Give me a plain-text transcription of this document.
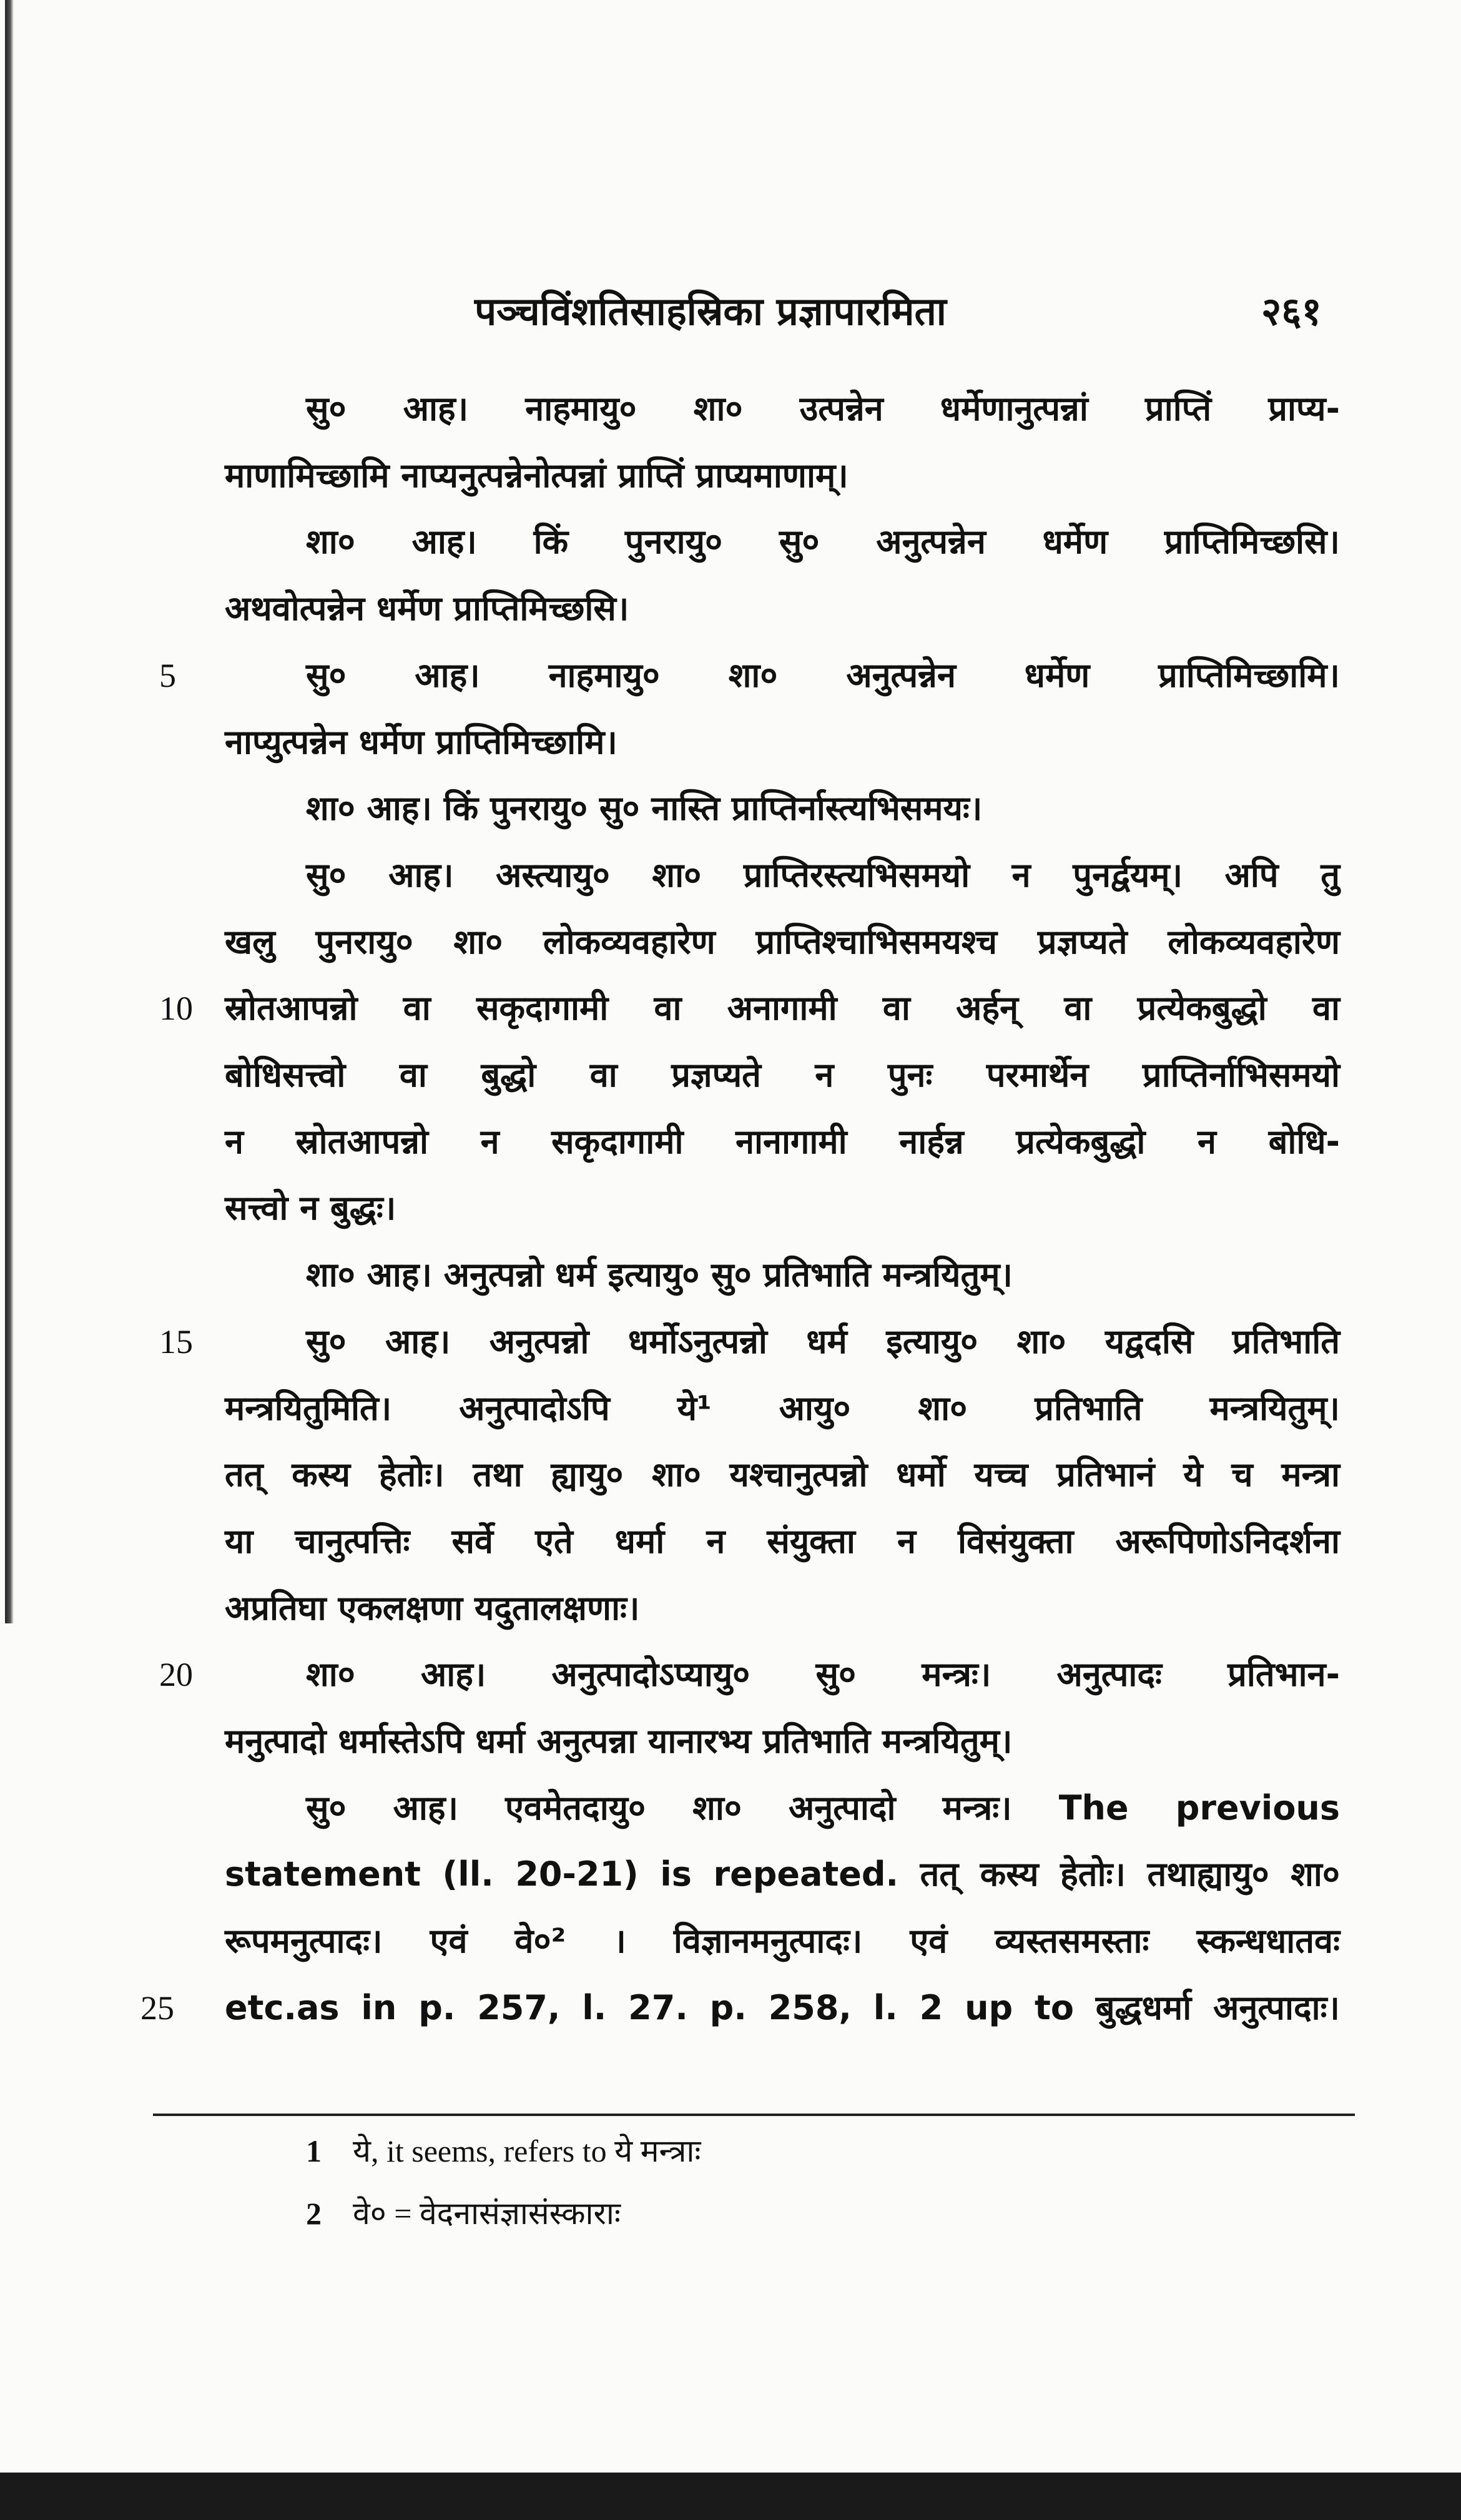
पञ्चविंशतिसाहस्रिका प्रज्ञापारमिता	२६१
सु० आह। नाहमायु० शा० उत्पन्नेन धर्मेणानुत्पन्नां प्राप्तिं प्राप्य-
माणामिच्छामि नाप्यनुत्पन्नेनोत्पन्नां प्राप्तिं प्राप्यमाणाम्।
शा० आह। किं पुनरायु० सु० अनुत्पन्नेन धर्मेण प्राप्तिमिच्छसि।
अथवोत्पन्नेन धर्मेण प्राप्तिमिच्छसि।
सु० आह। नाहमायु० शा० अनुत्पन्नेन धर्मेण प्राप्तिमिच्छामि।
5
नाप्युत्पन्नेन धर्मेण प्राप्तिमिच्छामि।
शा० आह। किं पुनरायु० सु० नास्ति प्राप्तिर्नास्त्यभिसमयः।
सु० आह। अस्त्यायु० शा० प्राप्तिरस्त्यभिसमयो न पुनर्द्वयम्। अपि तु
खलु पुनरायु० शा० लोकव्यवहारेण प्राप्तिश्चाभिसमयश्च प्रज्ञप्यते लोकव्यवहारेण
स्रोतआपन्नो वा सकृदागामी वा अनागामी वा अर्हन् वा प्रत्येकबुद्धो वा
10
बोधिसत्त्वो वा बुद्धो वा प्रज्ञप्यते न पुनः परमार्थेन प्राप्तिर्नाभिसमयो
न स्रोतआपन्नो न सकृदागामी नानागामी नार्हन्न प्रत्येकबुद्धो न बोधि-
सत्त्वो न बुद्धः।
शा० आह। अनुत्पन्नो धर्म इत्यायु० सु० प्रतिभाति मन्त्रयितुम्।
सु० आह। अनुत्पन्नो धर्मोऽनुत्पन्नो धर्म इत्यायु० शा० यद्वदसि प्रतिभाति
15
मन्त्रयितुमिति। अनुत्पादोऽपि ये¹ आयु० शा० प्रतिभाति मन्त्रयितुम्।
तत् कस्य हेतोः। तथा ह्यायु० शा० यश्चानुत्पन्नो धर्मो यच्च प्रतिभानं ये च मन्त्रा
या चानुत्पत्तिः सर्वे एते धर्मा न संयुक्ता न विसंयुक्ता अरूपिणोऽनिदर्शना
अप्रतिघा एकलक्षणा यदुतालक्षणाः।
शा० आह। अनुत्पादोऽप्यायु० सु० मन्त्रः। अनुत्पादः प्रतिभान-
20
मनुत्पादो धर्मास्तेऽपि धर्मा अनुत्पन्ना यानारभ्य प्रतिभाति मन्त्रयितुम्।
सु० आह। एवमेतदायु० शा० अनुत्पादो मन्त्रः। The previous
statement (ll. 20-21) is repeated. तत् कस्य हेतोः। तथाह्यायु० शा०
रूपमनुत्पादः। एवं वे०² । विज्ञानमनुत्पादः। एवं व्यस्तसमस्ताः स्कन्धधातवः
etc.as in p. 257, l. 27. p. 258, l. 2 up to बुद्धधर्मा अनुत्पादाः।
25
1 ये, it seems, refers to ये मन्त्राः
2 वे० = वेदनासंज्ञासंस्काराः
